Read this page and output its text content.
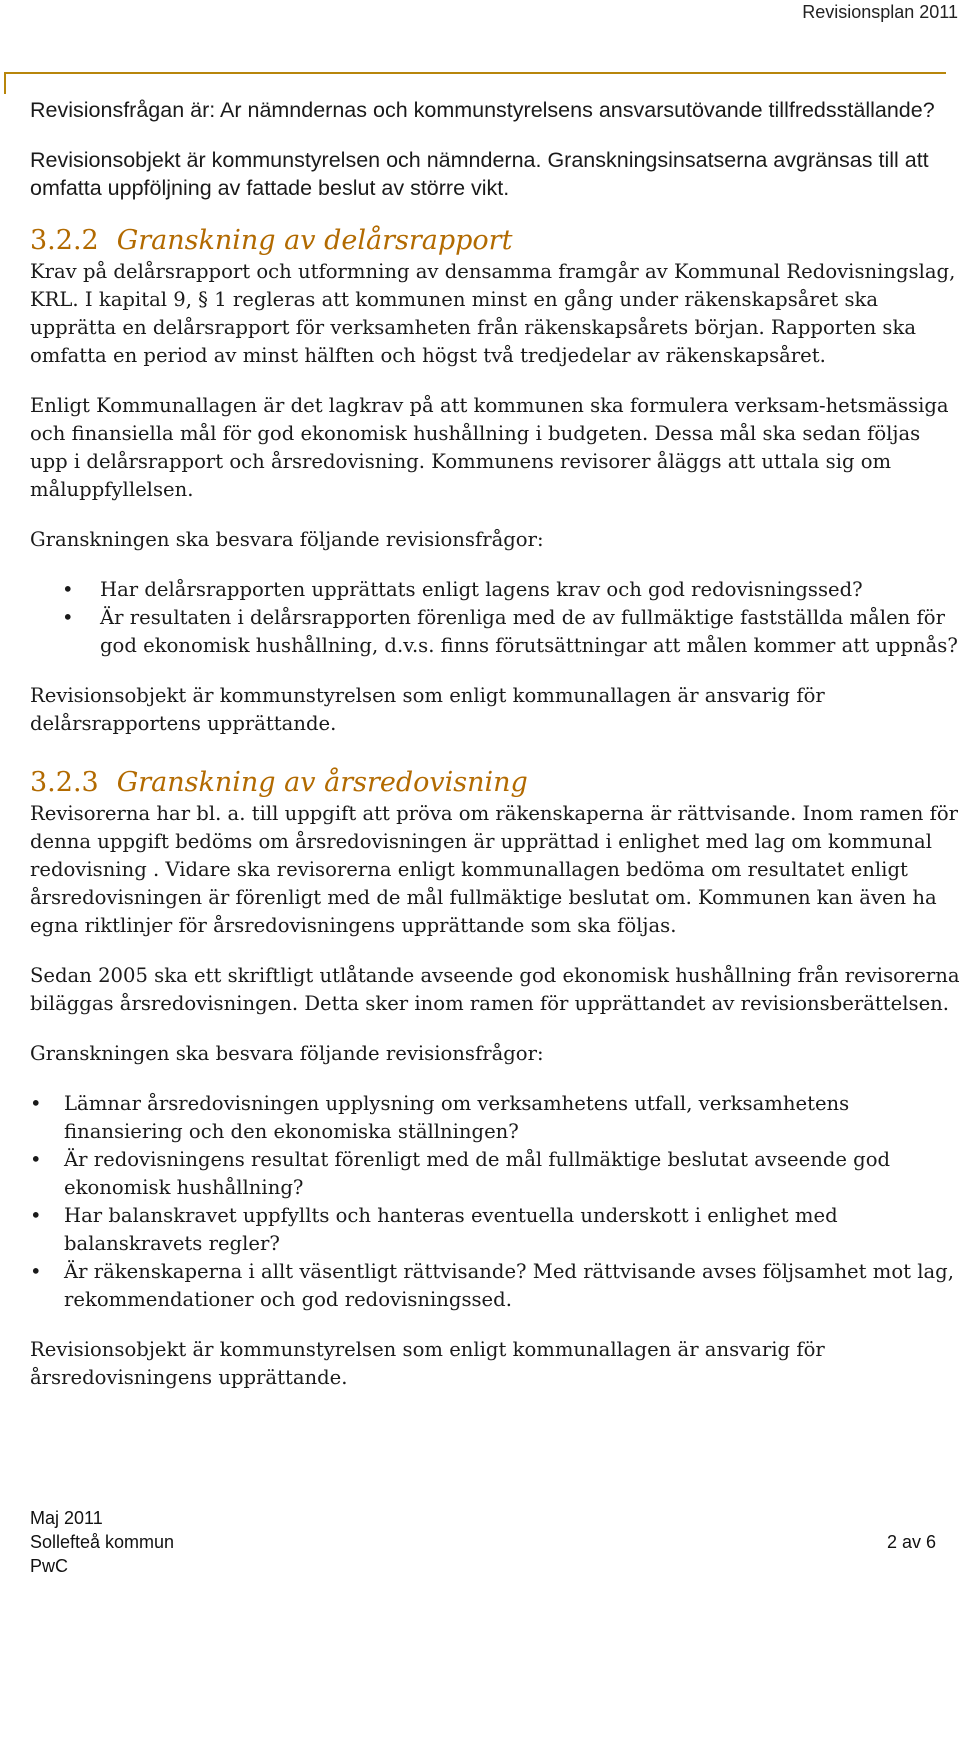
Revisionsplan 2011

Revisionsfrågan är: Ar nämndernas och kommunstyrelsens ansvarsutövande tillfredsställande?

Revisionsobjekt är kommunstyrelsen och nämnderna. Granskningsinsatserna avgränsas till att omfatta uppföljning av fattade beslut av större vikt.

3.2.2 Granskning av delårsrapport

Krav på delårsrapport och utformning av densamma framgår av Kommunal Redovisningslag, KRL. I kapital 9, § 1 regleras att kommunen minst en gång under räkenskapsåret ska upprätta en delårsrapport för verksamheten från räkenskapsårets början. Rapporten ska omfatta en period av minst hälften och högst två tredjedelar av räkenskapsåret.

Enligt Kommunallagen är det lagkrav på att kommunen ska formulera verksam-hetsmässiga och finansiella mål för god ekonomisk hushållning i budgeten. Dessa mål ska sedan följas upp i delårsrapport och årsredovisning. Kommunens revisorer åläggs att uttala sig om måluppfyllelsen.

Granskningen ska besvara följande revisionsfrågor:

• Har delårsrapporten upprättats enligt lagens krav och god redovisningssed?
• Är resultaten i delårsrapporten förenliga med de av fullmäktige fastställda målen för god ekonomisk hushållning, d.v.s. finns förutsättningar att målen kommer att uppnås?

Revisionsobjekt är kommunstyrelsen som enligt kommunallagen är ansvarig för delårsrapportens upprättande.

3.2.3 Granskning av årsredovisning

Revisorerna har bl. a. till uppgift att pröva om räkenskaperna är rättvisande. Inom ramen för denna uppgift bedöms om årsredovisningen är upprättad i enlighet med lag om kommunal redovisning . Vidare ska revisorerna enligt kommunallagen bedöma om resultatet enligt årsredovisningen är förenligt med de mål fullmäktige beslutat om. Kommunen kan även ha egna riktlinjer för årsredovisningens upprättande som ska följas.

Sedan 2005 ska ett skriftligt utlåtande avseende god ekonomisk hushållning från revisorerna biläggas årsredovisningen. Detta sker inom ramen för upprättandet av revisionsberättelsen.

Granskningen ska besvara följande revisionsfrågor:

• Lämnar årsredovisningen upplysning om verksamhetens utfall, verksamhetens finansiering och den ekonomiska ställningen?
• Är redovisningens resultat förenligt med de mål fullmäktige beslutat avseende god ekonomisk hushållning?
• Har balanskravet uppfyllts och hanteras eventuella underskott i enlighet med balanskravets regler?
• Är räkenskaperna i allt väsentligt rättvisande? Med rättvisande avses följsamhet mot lag, rekommendationer och god redovisningssed.

Revisionsobjekt är kommunstyrelsen som enligt kommunallagen är ansvarig för årsredovisningens upprättande.

Maj 2011
Sollefteå kommun	2 av 6
PwC
